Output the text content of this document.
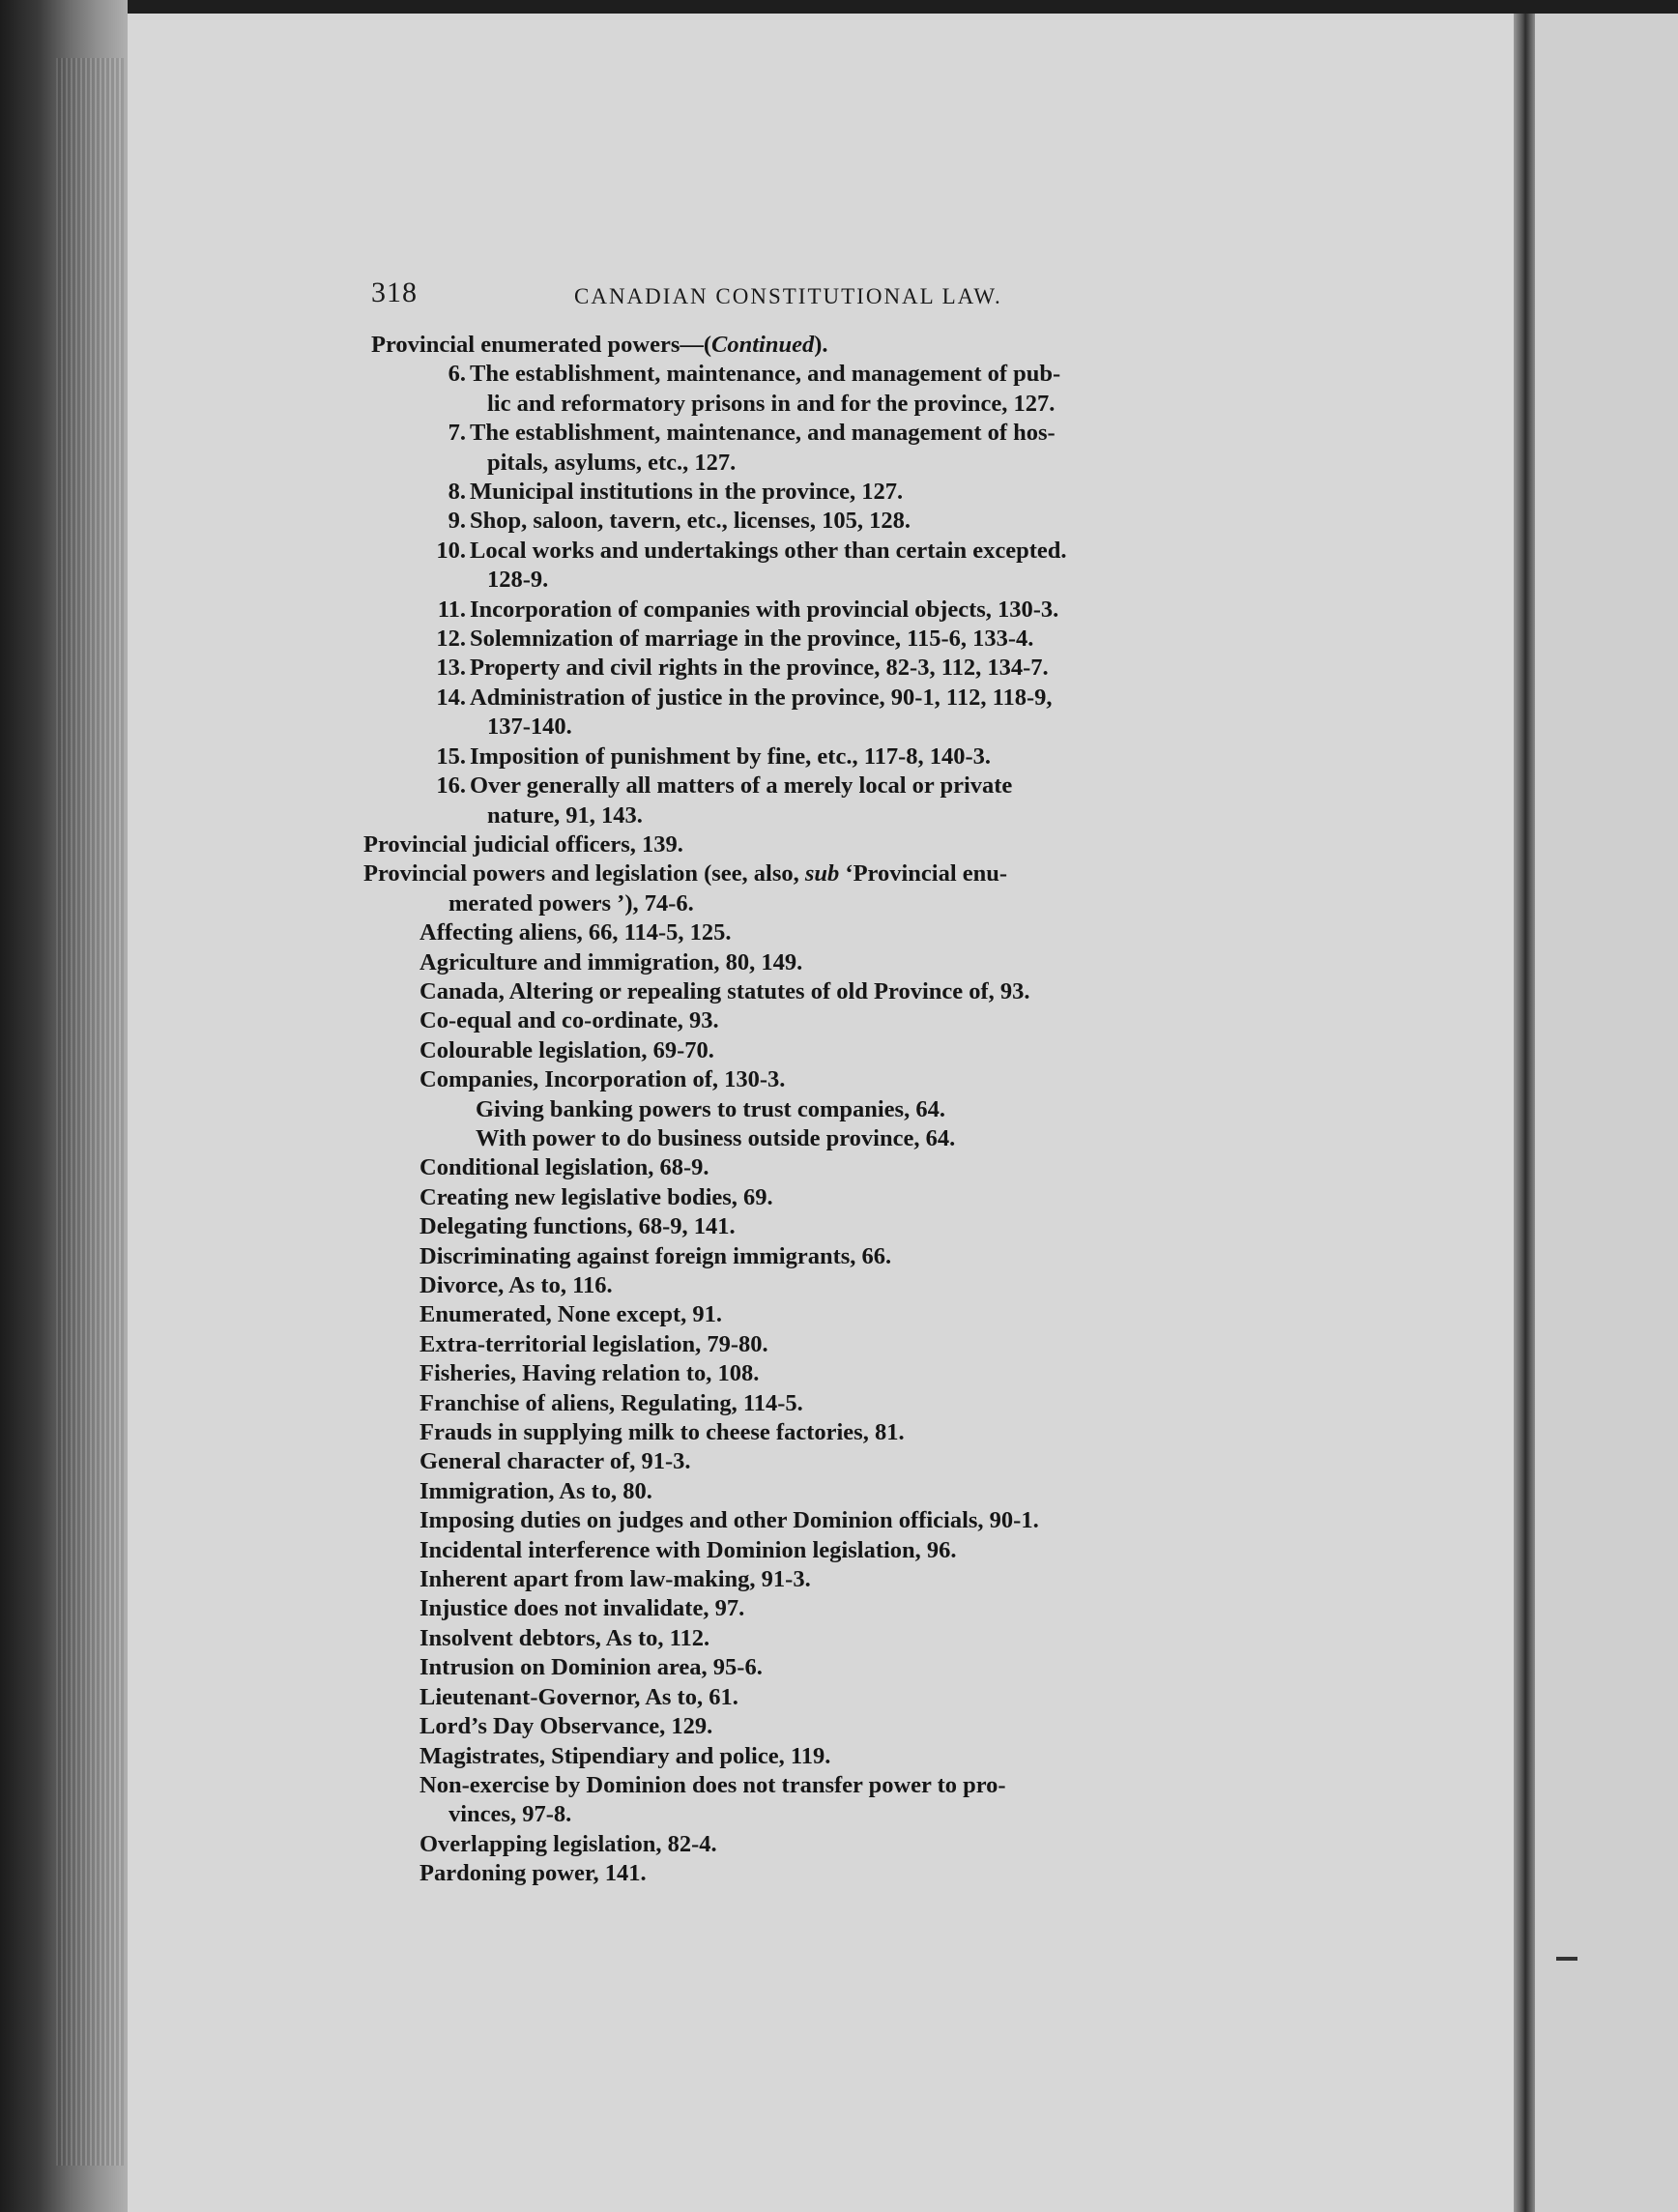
318	CANADIAN CONSTITUTIONAL LAW.
Provincial enumerated powers—(Continued).
6. The establishment, maintenance, and management of pub-
lic and reformatory prisons in and for the province, 127.
7. The establishment, maintenance, and management of hos-
pitals, asylums, etc., 127.
8. Municipal institutions in the province, 127.
9. Shop, saloon, tavern, etc., licenses, 105, 128.
10. Local works and undertakings other than certain excepted.
128-9.
11. Incorporation of companies with provincial objects, 130-3.
12. Solemnization of marriage in the province, 115-6, 133-4.
13. Property and civil rights in the province, 82-3, 112, 134-7.
14. Administration of justice in the province, 90-1, 112, 118-9,
137-140.
15. Imposition of punishment by fine, etc., 117-8, 140-3.
16. Over generally all matters of a merely local or private
nature, 91, 143.
Provincial judicial officers, 139.
Provincial powers and legislation (see, also, sub ‘Provincial enu-
merated powers ’), 74-6.
Affecting aliens, 66, 114-5, 125.
Agriculture and immigration, 80, 149.
Canada, Altering or repealing statutes of old Province of, 93.
Co-equal and co-ordinate, 93.
Colourable legislation, 69-70.
Companies, Incorporation of, 130-3.
Giving banking powers to trust companies, 64.
With power to do business outside province, 64.
Conditional legislation, 68-9.
Creating new legislative bodies, 69.
Delegating functions, 68-9, 141.
Discriminating against foreign immigrants, 66.
Divorce, As to, 116.
Enumerated, None except, 91.
Extra-territorial legislation, 79-80.
Fisheries, Having relation to, 108.
Franchise of aliens, Regulating, 114-5.
Frauds in supplying milk to cheese factories, 81.
General character of, 91-3.
Immigration, As to, 80.
Imposing duties on judges and other Dominion officials, 90-1.
Incidental interference with Dominion legislation, 96.
Inherent apart from law-making, 91-3.
Injustice does not invalidate, 97.
Insolvent debtors, As to, 112.
Intrusion on Dominion area, 95-6.
Lieutenant-Governor, As to, 61.
Lord’s Day Observance, 129.
Magistrates, Stipendiary and police, 119.
Non-exercise by Dominion does not transfer power to pro-
vinces, 97-8.
Overlapping legislation, 82-4.
Pardoning power, 141.
